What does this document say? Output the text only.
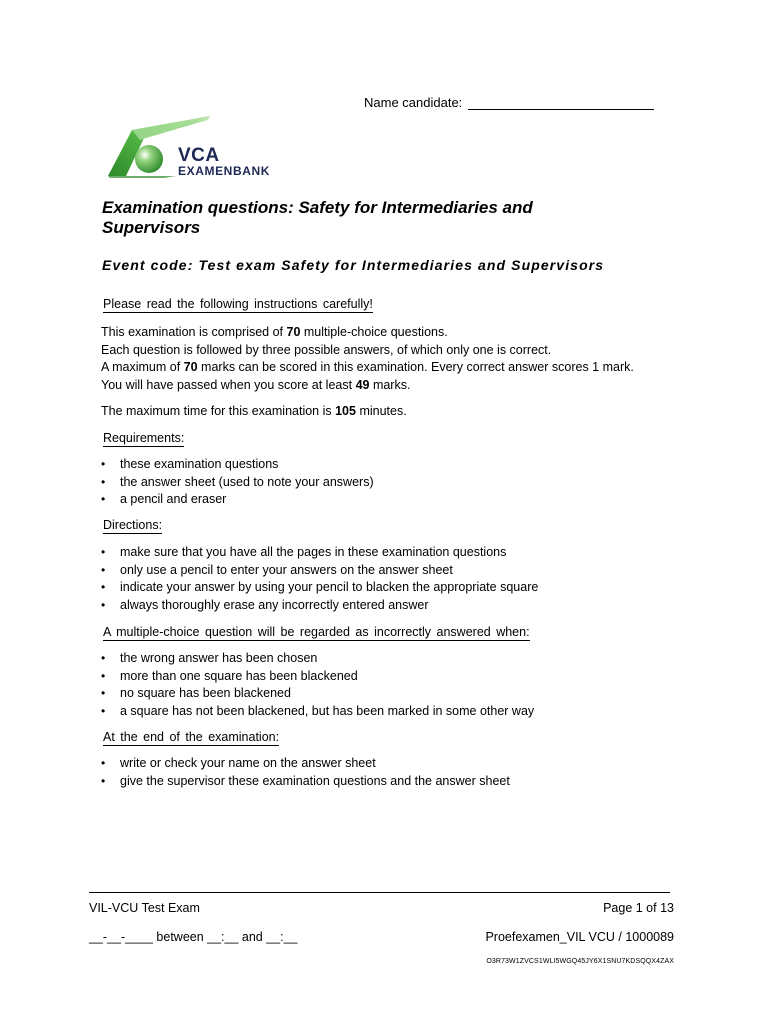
Name candidate:
VCA
EXAMENBANK
Examination questions: Safety for Intermediaries and Supervisors
Event code: Test exam Safety for Intermediaries and Supervisors
Please read the following instructions carefully!

This examination is comprised of 70 multiple-choice questions.

Each question is followed by three possible answers, of which only one is correct.

A maximum of 70 marks can be scored in this examination. Every correct answer scores 1 mark.

You will have passed when you score at least 49 marks.

The maximum time for this examination is 105 minutes.

Requirements:
• these examination questions
• the answer sheet (used to note your answers)
• a pencil and eraser
Directions:
• make sure that you have all the pages in these examination questions
• only use a pencil to enter your answers on the answer sheet
• indicate your answer by using your pencil to blacken the appropriate square
• always thoroughly erase any incorrectly entered answer
A multiple-choice question will be regarded as incorrectly answered when:
• the wrong answer has been chosen
• more than one square has been blackened
• no square has been blackened
• a square has not been blackened, but has been marked in some other way
At the end of the examination:
• write or check your name on the answer sheet
• give the supervisor these examination questions and the answer sheet
VIL-VCU Test Exam	Page 1 of 13
__-__-____ between __:__ and __:__	Proefexamen_VIL VCU / 1000089
O3R73W1ZVCS1WLI5WGQ45JY6X1SNU7KDSQQX4ZAX
